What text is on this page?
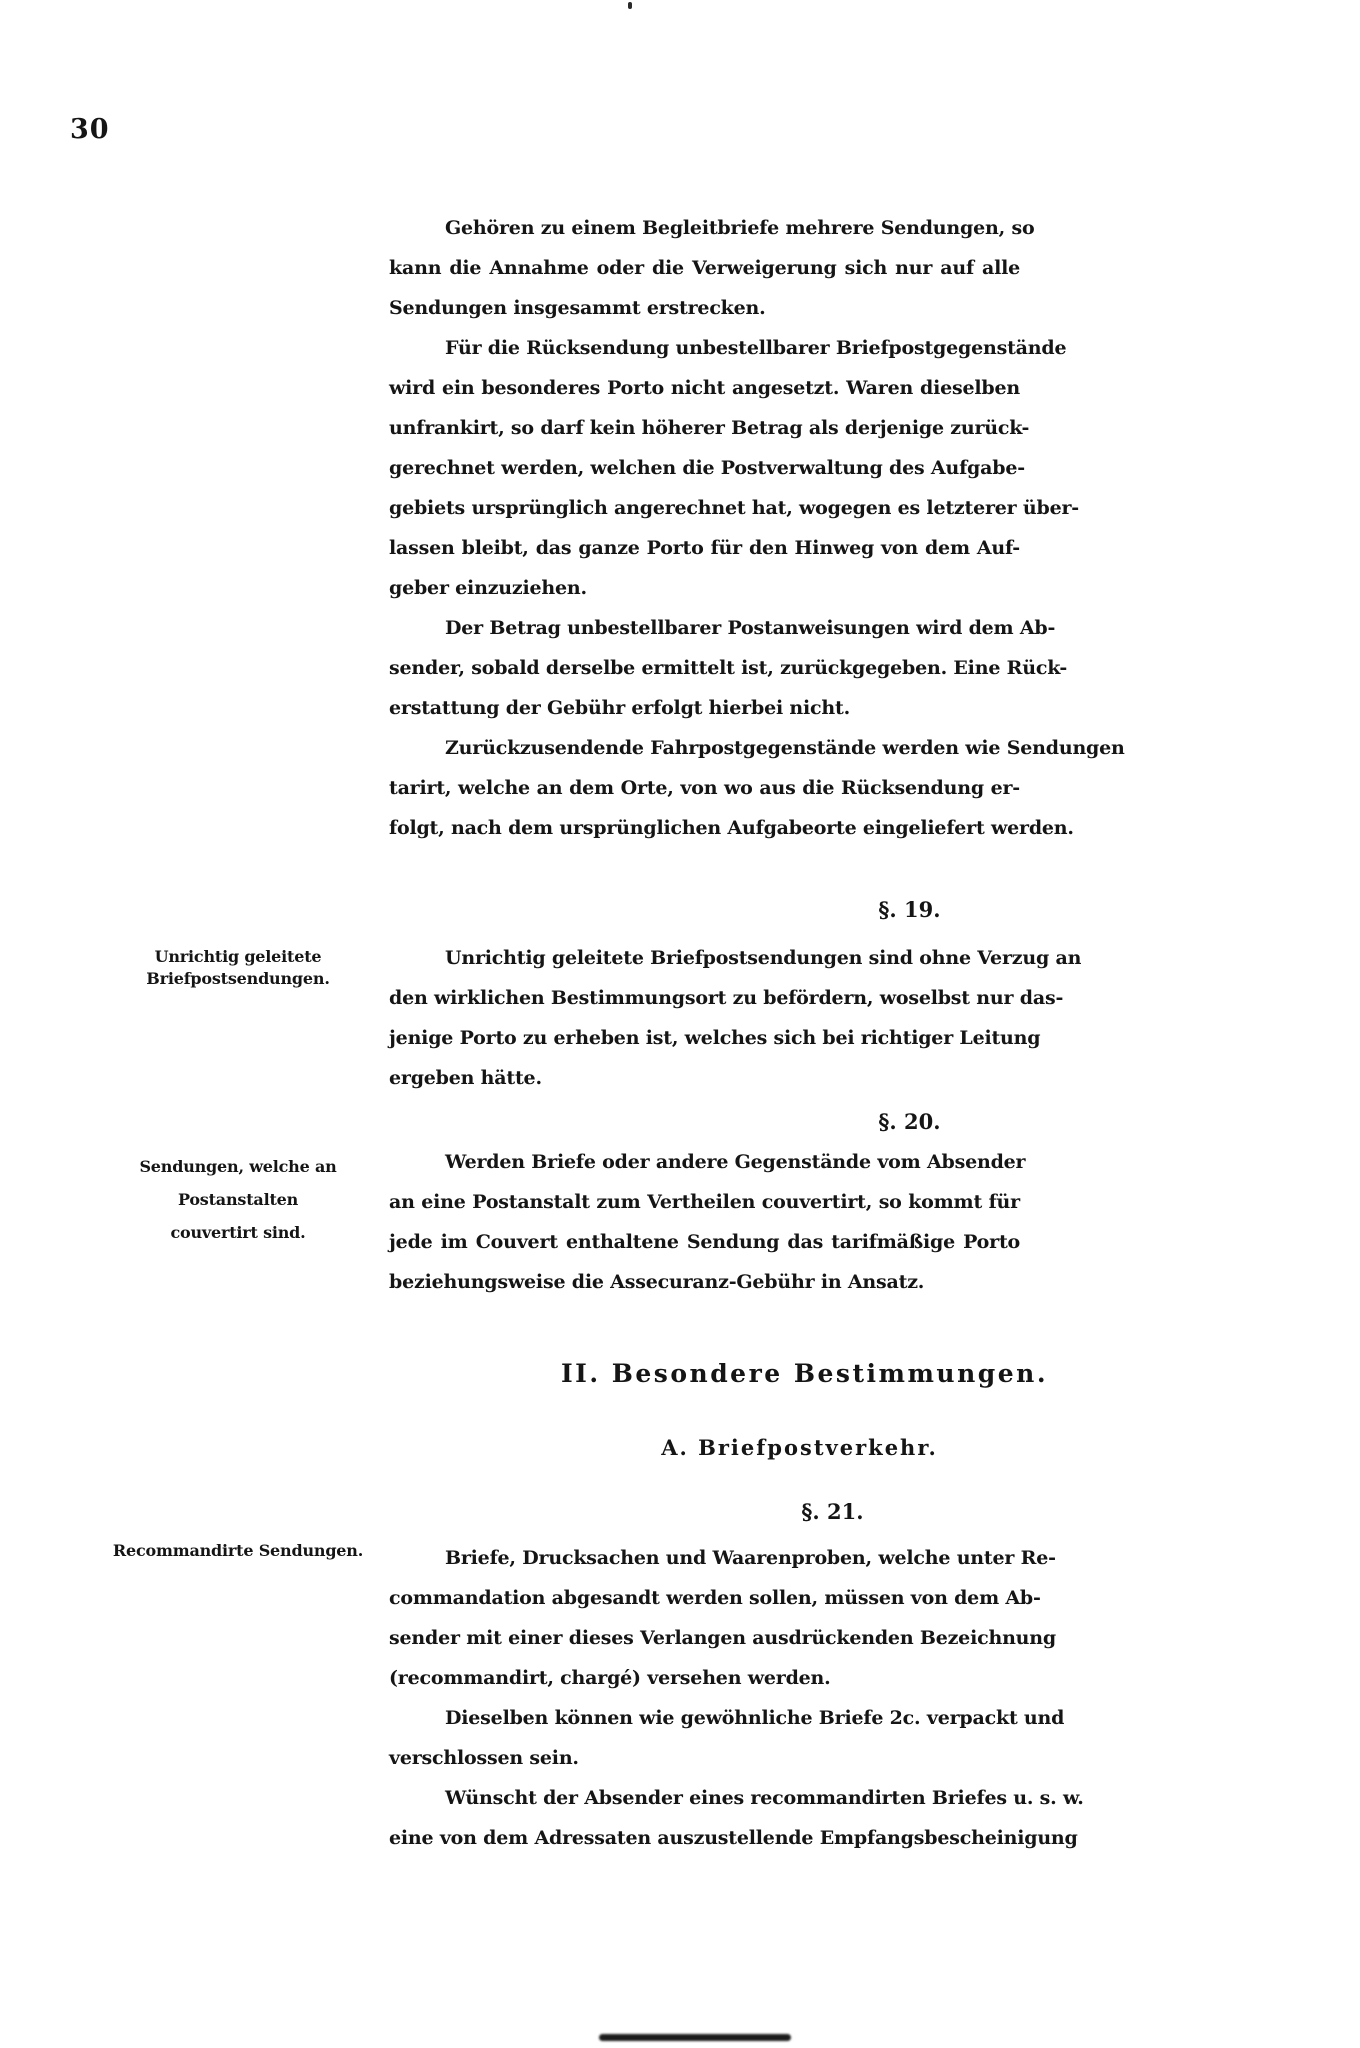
30
Unrichtig geleitete Briefpostsendungen.
Sendungen, welche an Postanstalten
couvertirt sind.
Recommandirte Sendungen.
Gehören zu einem Begleitbriefe mehrere Sendungen, so
kann die Annahme oder die Verweigerung sich nur auf alle
Sendungen insgesammt erstrecken.
Für die Rücksendung unbestellbarer Briefpostgegenstände
wird ein besonderes Porto nicht angesetzt. Waren dieselben
unfrankirt, so darf kein höherer Betrag als derjenige zurück-
gerechnet werden, welchen die Postverwaltung des Aufgabe-
gebiets ursprünglich angerechnet hat, wogegen es letzterer über-
lassen bleibt, das ganze Porto für den Hinweg von dem Auf-
geber einzuziehen.
Der Betrag unbestellbarer Postanweisungen wird dem Ab-
sender, sobald derselbe ermittelt ist, zurückgegeben. Eine Rück-
erstattung der Gebühr erfolgt hierbei nicht.
Zurückzusendende Fahrpostgegenstände werden wie Sendungen
tarirt, welche an dem Orte, von wo aus die Rücksendung er-
folgt, nach dem ursprünglichen Aufgabeorte eingeliefert werden.
§. 19.
Unrichtig geleitete Briefpostsendungen sind ohne Verzug an
den wirklichen Bestimmungsort zu befördern, woselbst nur das-
jenige Porto zu erheben ist, welches sich bei richtiger Leitung
ergeben hätte.
§. 20.
Werden Briefe oder andere Gegenstände vom Absender
an eine Postanstalt zum Vertheilen couvertirt, so kommt für
jede im Couvert enthaltene Sendung das tarifmäßige Porto
beziehungsweise die Assecuranz-Gebühr in Ansatz.
II. Besondere Bestimmungen.
A. Briefpostverkehr.
§. 21.
Briefe, Drucksachen und Waarenproben, welche unter Re-
commandation abgesandt werden sollen, müssen von dem Ab-
sender mit einer dieses Verlangen ausdrückenden Bezeichnung
(recommandirt, chargé) versehen werden.
Dieselben können wie gewöhnliche Briefe 2c. verpackt und
verschlossen sein.
Wünscht der Absender eines recommandirten Briefes u. s. w.
eine von dem Adressaten auszustellende Empfangsbescheinigung
